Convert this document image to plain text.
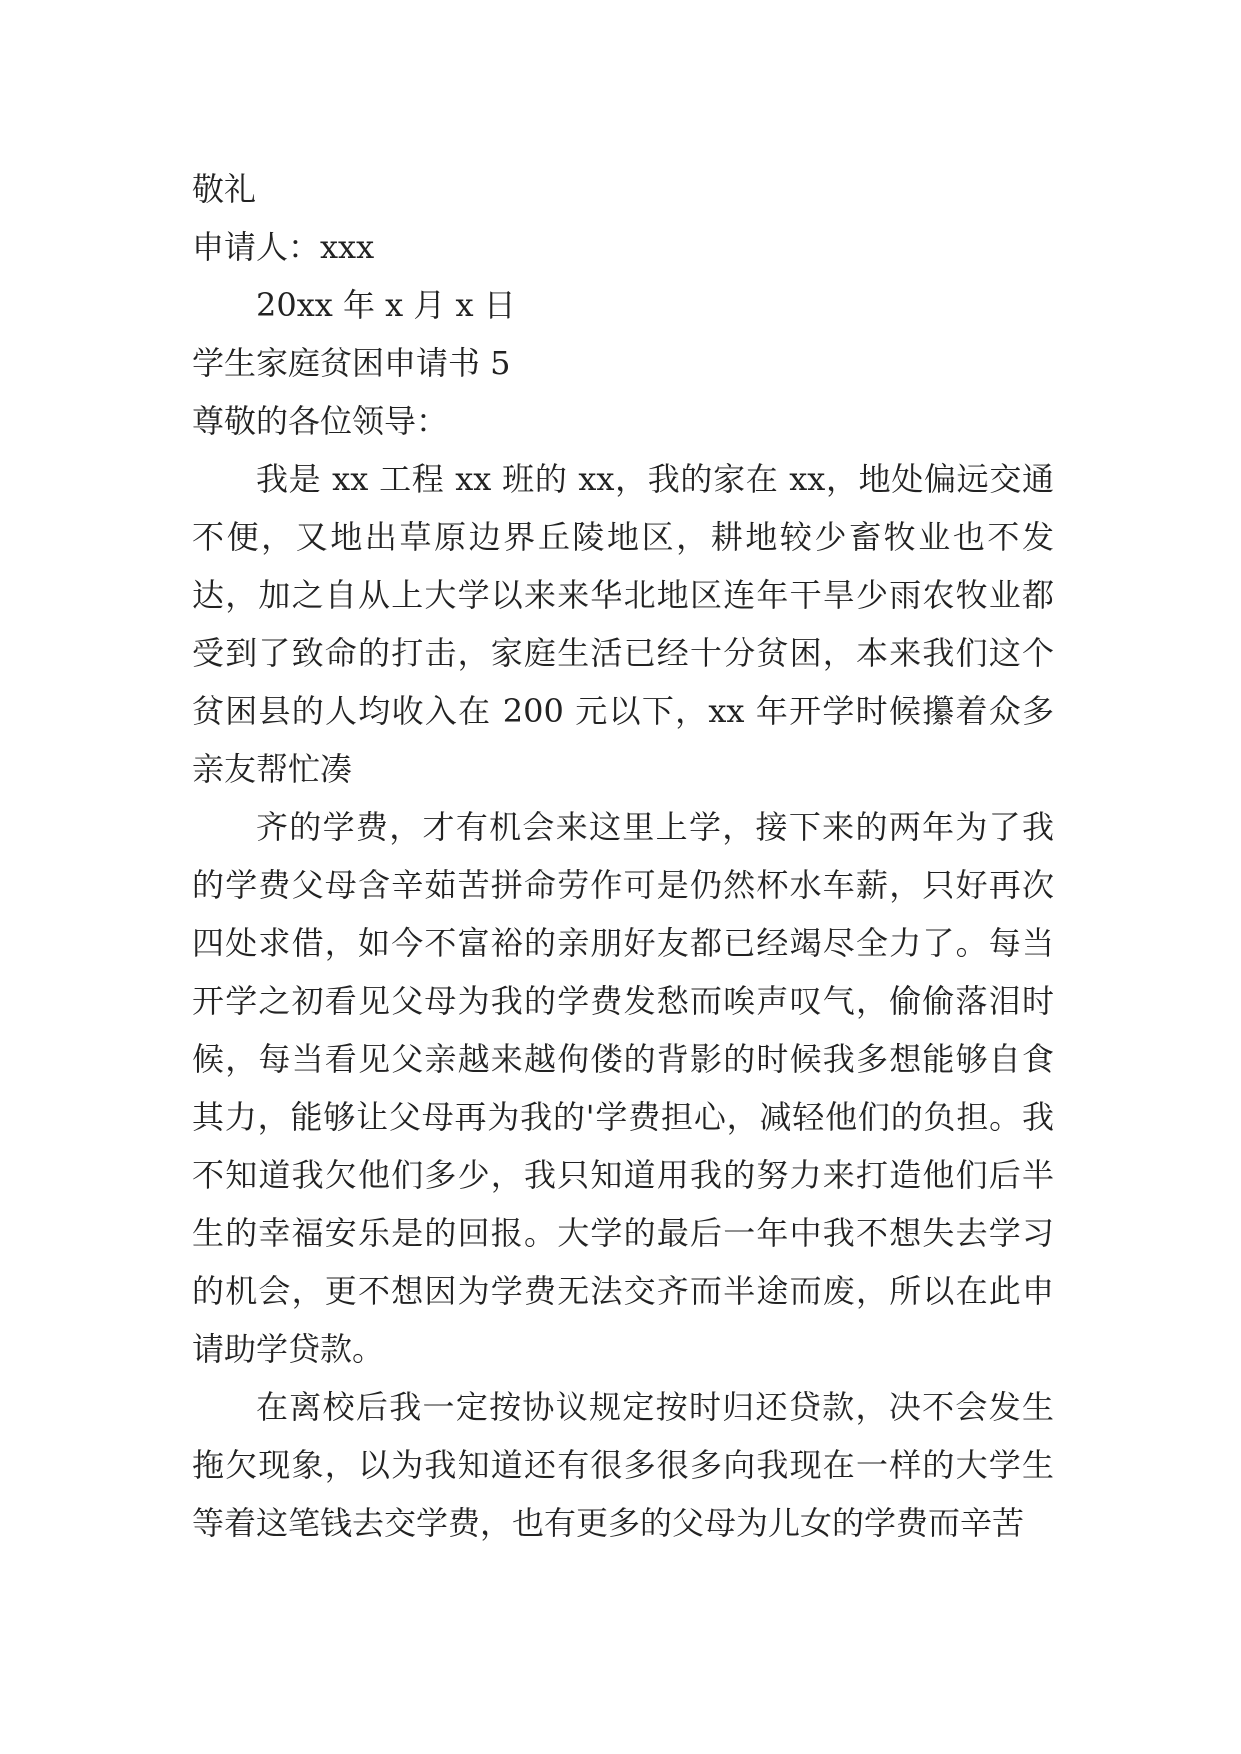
敬礼
申请人：xxx
20xx 年 x 月 x 日
学生家庭贫困申请书 5
尊敬的各位领导：

我是 xx 工程 xx 班的 xx，我的家在 xx，地处偏远交通不便，又地出草原边界丘陵地区，耕地较少畜牧业也不发达，加之自从上大学以来来华北地区连年干旱少雨农牧业都受到了致命的打击，家庭生活已经十分贫困，本来我们这个贫困县的人均收入在 200 元以下，xx 年开学时候攥着众多亲友帮忙凑

齐的学费，才有机会来这里上学，接下来的两年为了我的学费父母含辛茹苦拼命劳作可是仍然杯水车薪，只好再次四处求借，如今不富裕的亲朋好友都已经竭尽全力了。每当开学之初看见父母为我的学费发愁而唉声叹气，偷偷落泪时候，每当看见父亲越来越佝偻的背影的时候我多想能够自食其力，能够让父母再为我的'学费担心，减轻他们的负担。我不知道我欠他们多少，我只知道用我的努力来打造他们后半生的幸福安乐是的回报。大学的最后一年中我不想失去学习的机会，更不想因为学费无法交齐而半途而废，所以在此申请助学贷款。

在离校后我一定按协议规定按时归还贷款，决不会发生拖欠现象，以为我知道还有很多很多向我现在一样的大学生等着这笔钱去交学费，也有更多的父母为儿女的学费而辛苦
